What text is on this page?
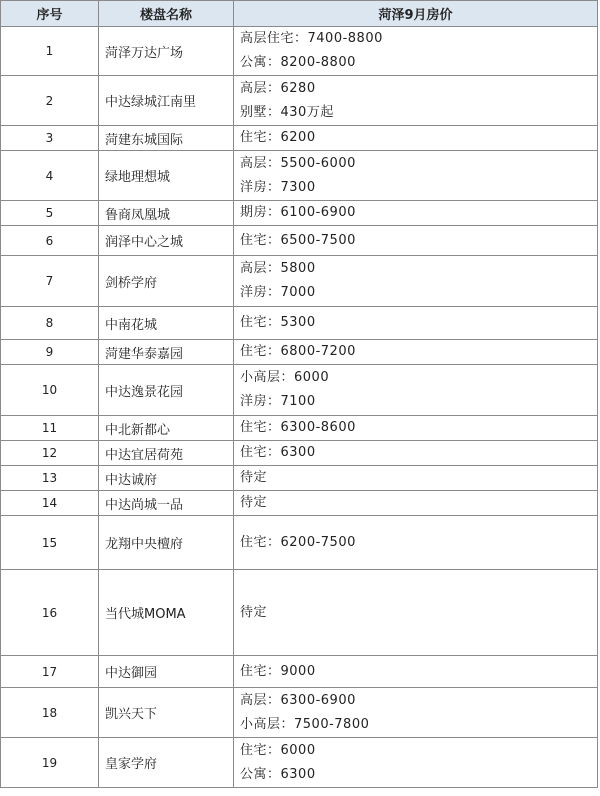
序号	楼盘名称	菏泽9月房价
1	菏泽万达广场	高层住宅：7400-8800
公寓：8200-8800

2	中达绿城江南里	高层：6280
别墅：430万起

3	菏建东城国际	住宅：6200

4	绿地理想城	高层：5500-6000
洋房：7300

5	鲁商凤凰城	期房：6100-6900

6	润泽中心之城	住宅：6500-7500

7	剑桥学府	高层：5800
洋房：7000

8	中南花城	住宅：5300

9	菏建华泰嘉园	住宅：6800-7200

10	中达逸景花园	小高层：6000
洋房：7100

11	中北新都心	住宅：6300-8600

12	中达宜居荷苑	住宅：6300

13	中达诚府	待定

14	中达尚城一品	待定

15	龙翔中央檀府	住宅：6200-7500

16	当代城MOMA	待定

17	中达御园	住宅：9000

18	凯兴天下	高层：6300-6900
小高层：7500-7800

19	皇家学府	住宅：6000
公寓：6300
